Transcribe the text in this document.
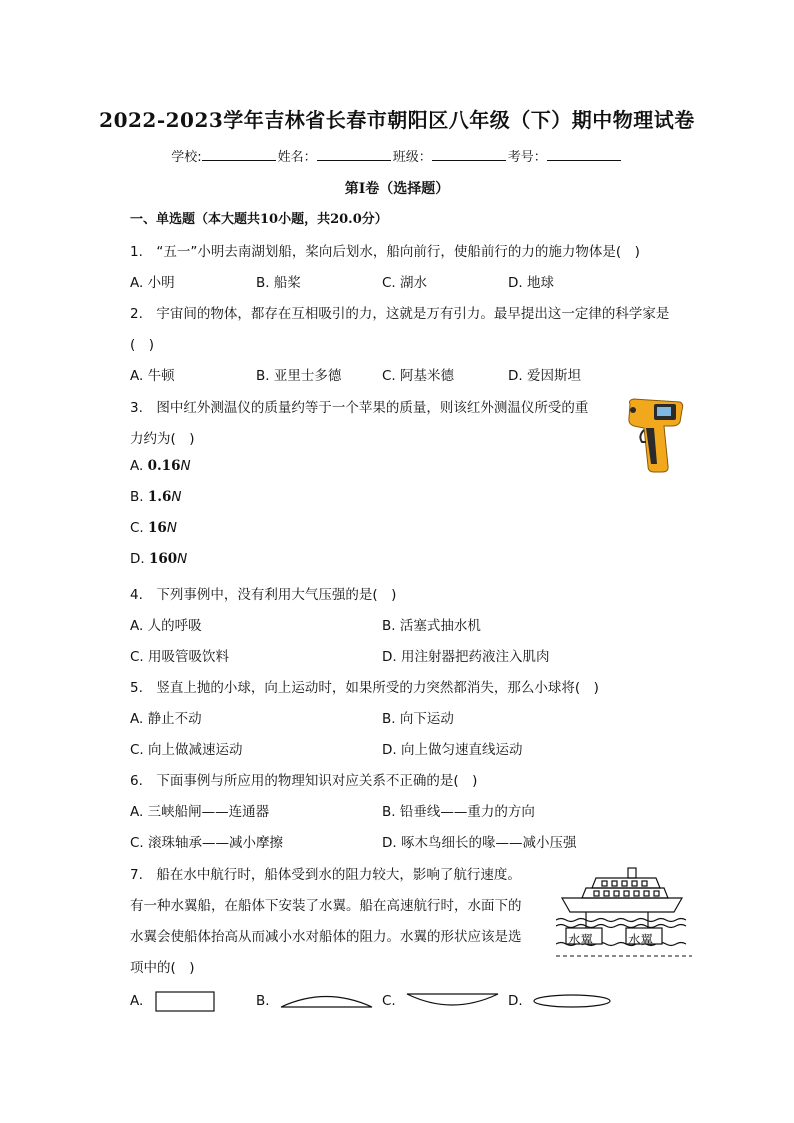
2022-2023学年吉林省长春市朝阳区八年级（下）期中物理试卷
学校:	姓名：	班级：	考号：
第I卷（选择题）
一、单选题（本大题共10小题，共20.0分）
1.　“五一”小明去南湖划船，桨向后划水，船向前行，使船前行的力的施力物体是(　)
A. 小明	B. 船桨	C. 湖水	D. 地球
2.　宇宙间的物体，都存在互相吸引的力，这就是万有引力。最早提出这一定律的科学家是
(　)
A. 牛顿	B. 亚里士多德	C. 阿基米德	D. 爱因斯坦
3.　图中红外测温仪的质量约等于一个苹果的质量，则该红外测温仪所受的重
力约为(　)
A. 0.16N
B. 1.6N
C. 16N
D. 160N
4.　下列事例中，没有利用大气压强的是(　)
A. 人的呼吸	B. 活塞式抽水机
C. 用吸管吸饮料	D. 用注射器把药液注入肌肉
5.　竖直上抛的小球，向上运动时，如果所受的力突然都消失，那么小球将(　)
A. 静止不动	B. 向下运动
C. 向上做减速运动	D. 向上做匀速直线运动
6.　下面事例与所应用的物理知识对应关系不正确的是(　)
A. 三峡船闸——连通器	B. 铅垂线——重力的方向
C. 滚珠轴承——减小摩擦	D. 啄木鸟细长的喙——减小压强
7.　船在水中航行时，船体受到水的阻力较大，影响了航行速度。
有一种水翼船，在船体下安装了水翼。船在高速航行时，水面下的
水翼会使船体抬高从而减小水对船体的阻力。水翼的形状应该是选
项中的(　)
水翼	水翼
A.	B.	C.	D.
